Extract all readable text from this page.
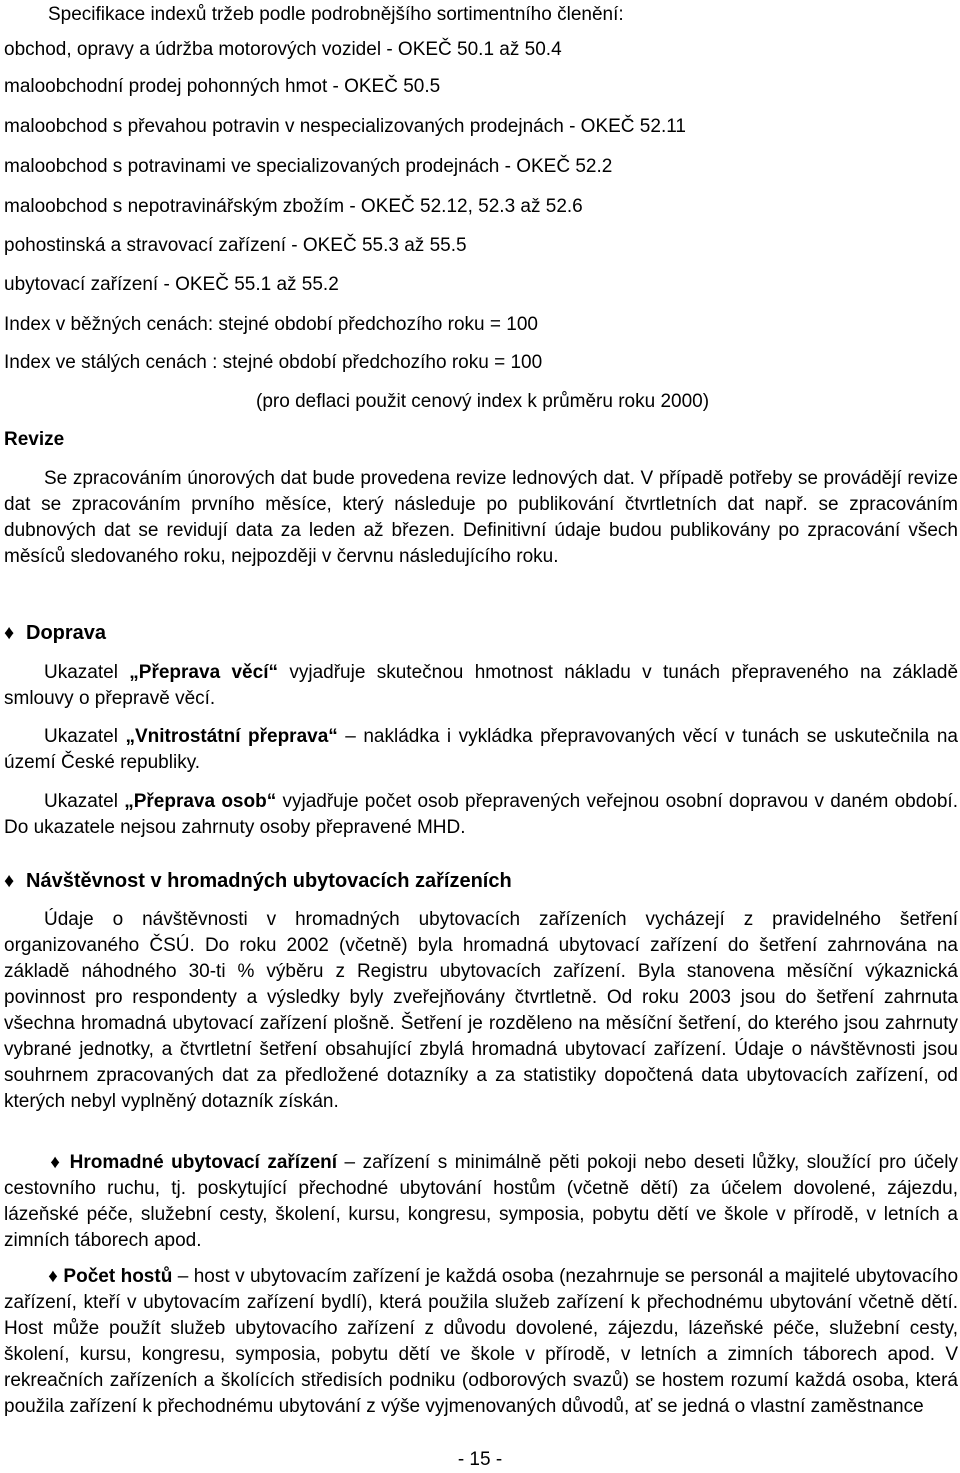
Specifikace indexů tržeb podle podrobnějšího sortimentního členění:
obchod, opravy a údržba motorových vozidel - OKEČ 50.1 až 50.4
maloobchodní prodej pohonných hmot - OKEČ 50.5
maloobchod s převahou potravin v nespecializovaných prodejnách - OKEČ 52.11
maloobchod s potravinami ve specializovaných prodejnách - OKEČ 52.2
maloobchod s nepotravinářským zbožím - OKEČ 52.12, 52.3 až 52.6
pohostinská a stravovací zařízení - OKEČ 55.3 až 55.5
ubytovací zařízení - OKEČ 55.1 až 55.2
Index v běžných cenách: stejné období předchozího roku = 100
Index ve stálých cenách : stejné období předchozího roku = 100
(pro deflaci použit cenový index k průměru roku 2000)
Revize
Se zpracováním únorových dat bude provedena revize lednových dat. V případě potřeby se provádějí revize dat se zpracováním prvního měsíce, který následuje po publikování čtvrtletních dat např. se zpracováním dubnových dat se revidují data za leden až březen. Definitivní údaje budou publikovány po zpracování všech měsíců sledovaného roku, nejpozději v červnu následujícího roku.
♦ Doprava
Ukazatel „Přeprava věcí“ vyjadřuje skutečnou hmotnost nákladu v tunách přepraveného na základě smlouvy o přepravě věcí.
Ukazatel „Vnitrostátní přeprava“ – nakládka i vykládka přepravovaných věcí v tunách se uskutečnila na území České republiky.
Ukazatel „Přeprava osob“ vyjadřuje počet osob přepravených veřejnou osobní dopravou v daném období. Do ukazatele nejsou zahrnuty osoby přepravené MHD.
♦ Návštěvnost v hromadných ubytovacích zařízeních
Údaje o návštěvnosti v hromadných ubytovacích zařízeních vycházejí z pravidelného šetření organizovaného ČSÚ. Do roku 2002 (včetně) byla hromadná ubytovací zařízení do šetření zahrnována na základě náhodného 30-ti % výběru z Registru ubytovacích zařízení. Byla stanovena měsíční výkaznická povinnost pro respondenty a výsledky byly zveřejňovány čtvrtletně. Od roku 2003 jsou do šetření zahrnuta všechna hromadná ubytovací zařízení plošně. Šetření je rozděleno na měsíční šetření, do kterého jsou zahrnuty vybrané jednotky, a čtvrtletní šetření obsahující zbylá hromadná ubytovací zařízení. Údaje o návštěvnosti jsou souhrnem zpracovaných dat za předložené dotazníky a za statistiky dopočtená data ubytovacích zařízení, od kterých nebyl vyplněný dotazník získán.
♦ Hromadné ubytovací zařízení – zařízení s minimálně pěti pokoji nebo deseti lůžky, sloužící pro účely cestovního ruchu, tj. poskytující přechodné ubytování hostům (včetně dětí) za účelem dovolené, zájezdu, lázeňské péče, služební cesty, školení, kursu, kongresu, symposia, pobytu dětí ve škole v přírodě, v letních a zimních táborech apod.
♦ Počet hostů – host v ubytovacím zařízení je každá osoba (nezahrnuje se personál a majitelé ubytovacího zařízení, kteří v ubytovacím zařízení bydlí), která použila služeb zařízení k přechodnému ubytování včetně dětí. Host může použít služeb ubytovacího zařízení z důvodu dovolené, zájezdu, lázeňské péče, služební cesty, školení, kursu, kongresu, symposia, pobytu dětí ve škole v přírodě, v letních a zimních táborech apod. V rekreačních zařízeních a školících středisích podniku (odborových svazů) se hostem rozumí každá osoba, která použila zařízení k přechodnému ubytování z výše vyjmenovaných důvodů, ať se jedná o vlastní zaměstnance
- 15 -
